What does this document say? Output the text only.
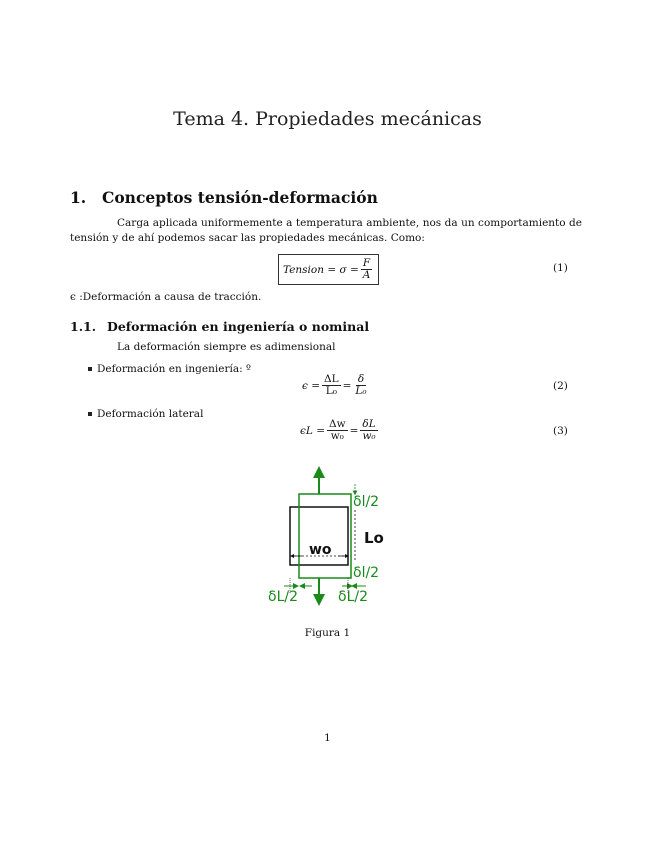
Tema 4. Propiedades mecánicas
1. Conceptos tensión-deformación
Carga aplicada uniformemente a temperatura ambiente, nos da un comportamiento de tensión y de ahí podemos sacar las propiedades mecánicas. Como:
Tension = $\sigma = \frac{F}{A}$	(1)
ϵ :Deformación a causa de tracción.
1.1. Deformación en ingeniería o nominal
La deformación siempre es adimensional
Deformación en ingeniería: º
$\epsilon = \frac{\Delta L}{\text{L₀}} = \frac{\delta}{\text{L₀}}$	(2)
Deformación lateral
$\epsilon L = \frac{\Delta w}{\text{w₀}} = \frac{\delta L}{\text{w₀}}$	(3)
wo
Lo
δl/2
δl/2
δL/2	δL/2
Figura 1
1
